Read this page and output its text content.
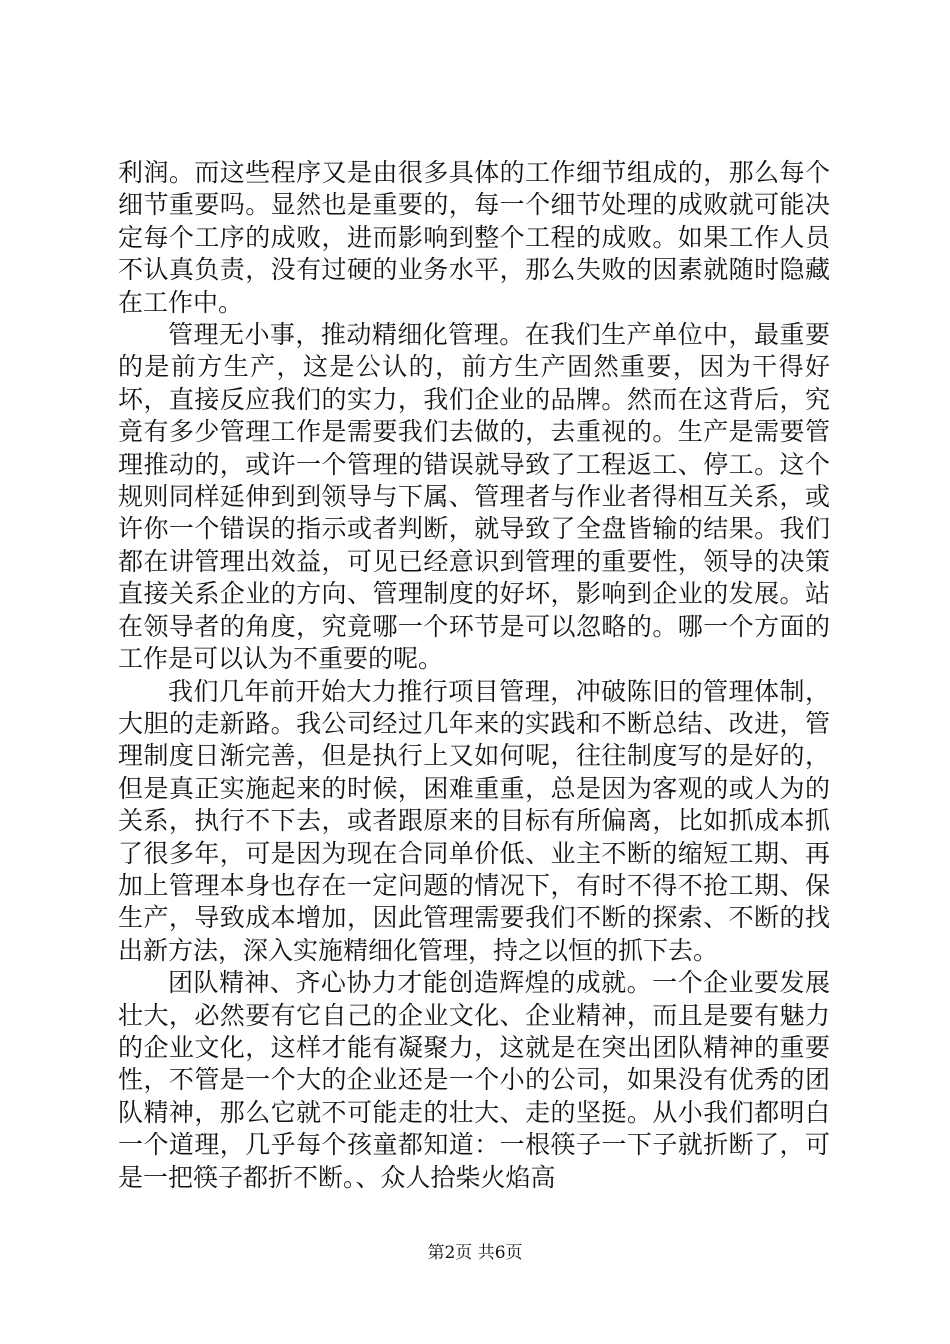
利润。而这些程序又是由很多具体的工作细节组成的，那么每个细节重要吗。显然也是重要的，每一个细节处理的成败就可能决定每个工序的成败，进而影响到整个工程的成败。如果工作人员不认真负责，没有过硬的业务水平，那么失败的因素就随时隐藏在工作中。

管理无小事，推动精细化管理。在我们生产单位中，最重要的是前方生产，这是公认的，前方生产固然重要，因为干得好坏，直接反应我们的实力，我们企业的品牌。然而在这背后，究竟有多少管理工作是需要我们去做的，去重视的。生产是需要管理推动的，或许一个管理的错误就导致了工程返工、停工。这个规则同样延伸到到领导与下属、管理者与作业者得相互关系，或许你一个错误的指示或者判断，就导致了全盘皆输的结果。我们都在讲管理出效益，可见已经意识到管理的重要性，领导的决策直接关系企业的方向、管理制度的好坏，影响到企业的发展。站在领导者的角度，究竟哪一个环节是可以忽略的。哪一个方面的工作是可以认为不重要的呢。

我们几年前开始大力推行项目管理，冲破陈旧的管理体制，大胆的走新路。我公司经过几年来的实践和不断总结、改进，管理制度日渐完善，但是执行上又如何呢，往往制度写的是好的，但是真正实施起来的时候，困难重重，总是因为客观的或人为的关系，执行不下去，或者跟原来的目标有所偏离，比如抓成本抓了很多年，可是因为现在合同单价低、业主不断的缩短工期、再加上管理本身也存在一定问题的情况下，有时不得不抢工期、保生产，导致成本增加，因此管理需要我们不断的探索、不断的找出新方法，深入实施精细化管理，持之以恒的抓下去。

团队精神、齐心协力才能创造辉煌的成就。一个企业要发展壮大，必然要有它自己的企业文化、企业精神，而且是要有魅力的企业文化，这样才能有凝聚力，这就是在突出团队精神的重要性，不管是一个大的企业还是一个小的公司，如果没有优秀的团队精神，那么它就不可能走的壮大、走的坚挺。从小我们都明白一个道理，几乎每个孩童都知道：一根筷子一下子就折断了，可是一把筷子都折不断。、众人拾柴火焰高

第2页 共6页
